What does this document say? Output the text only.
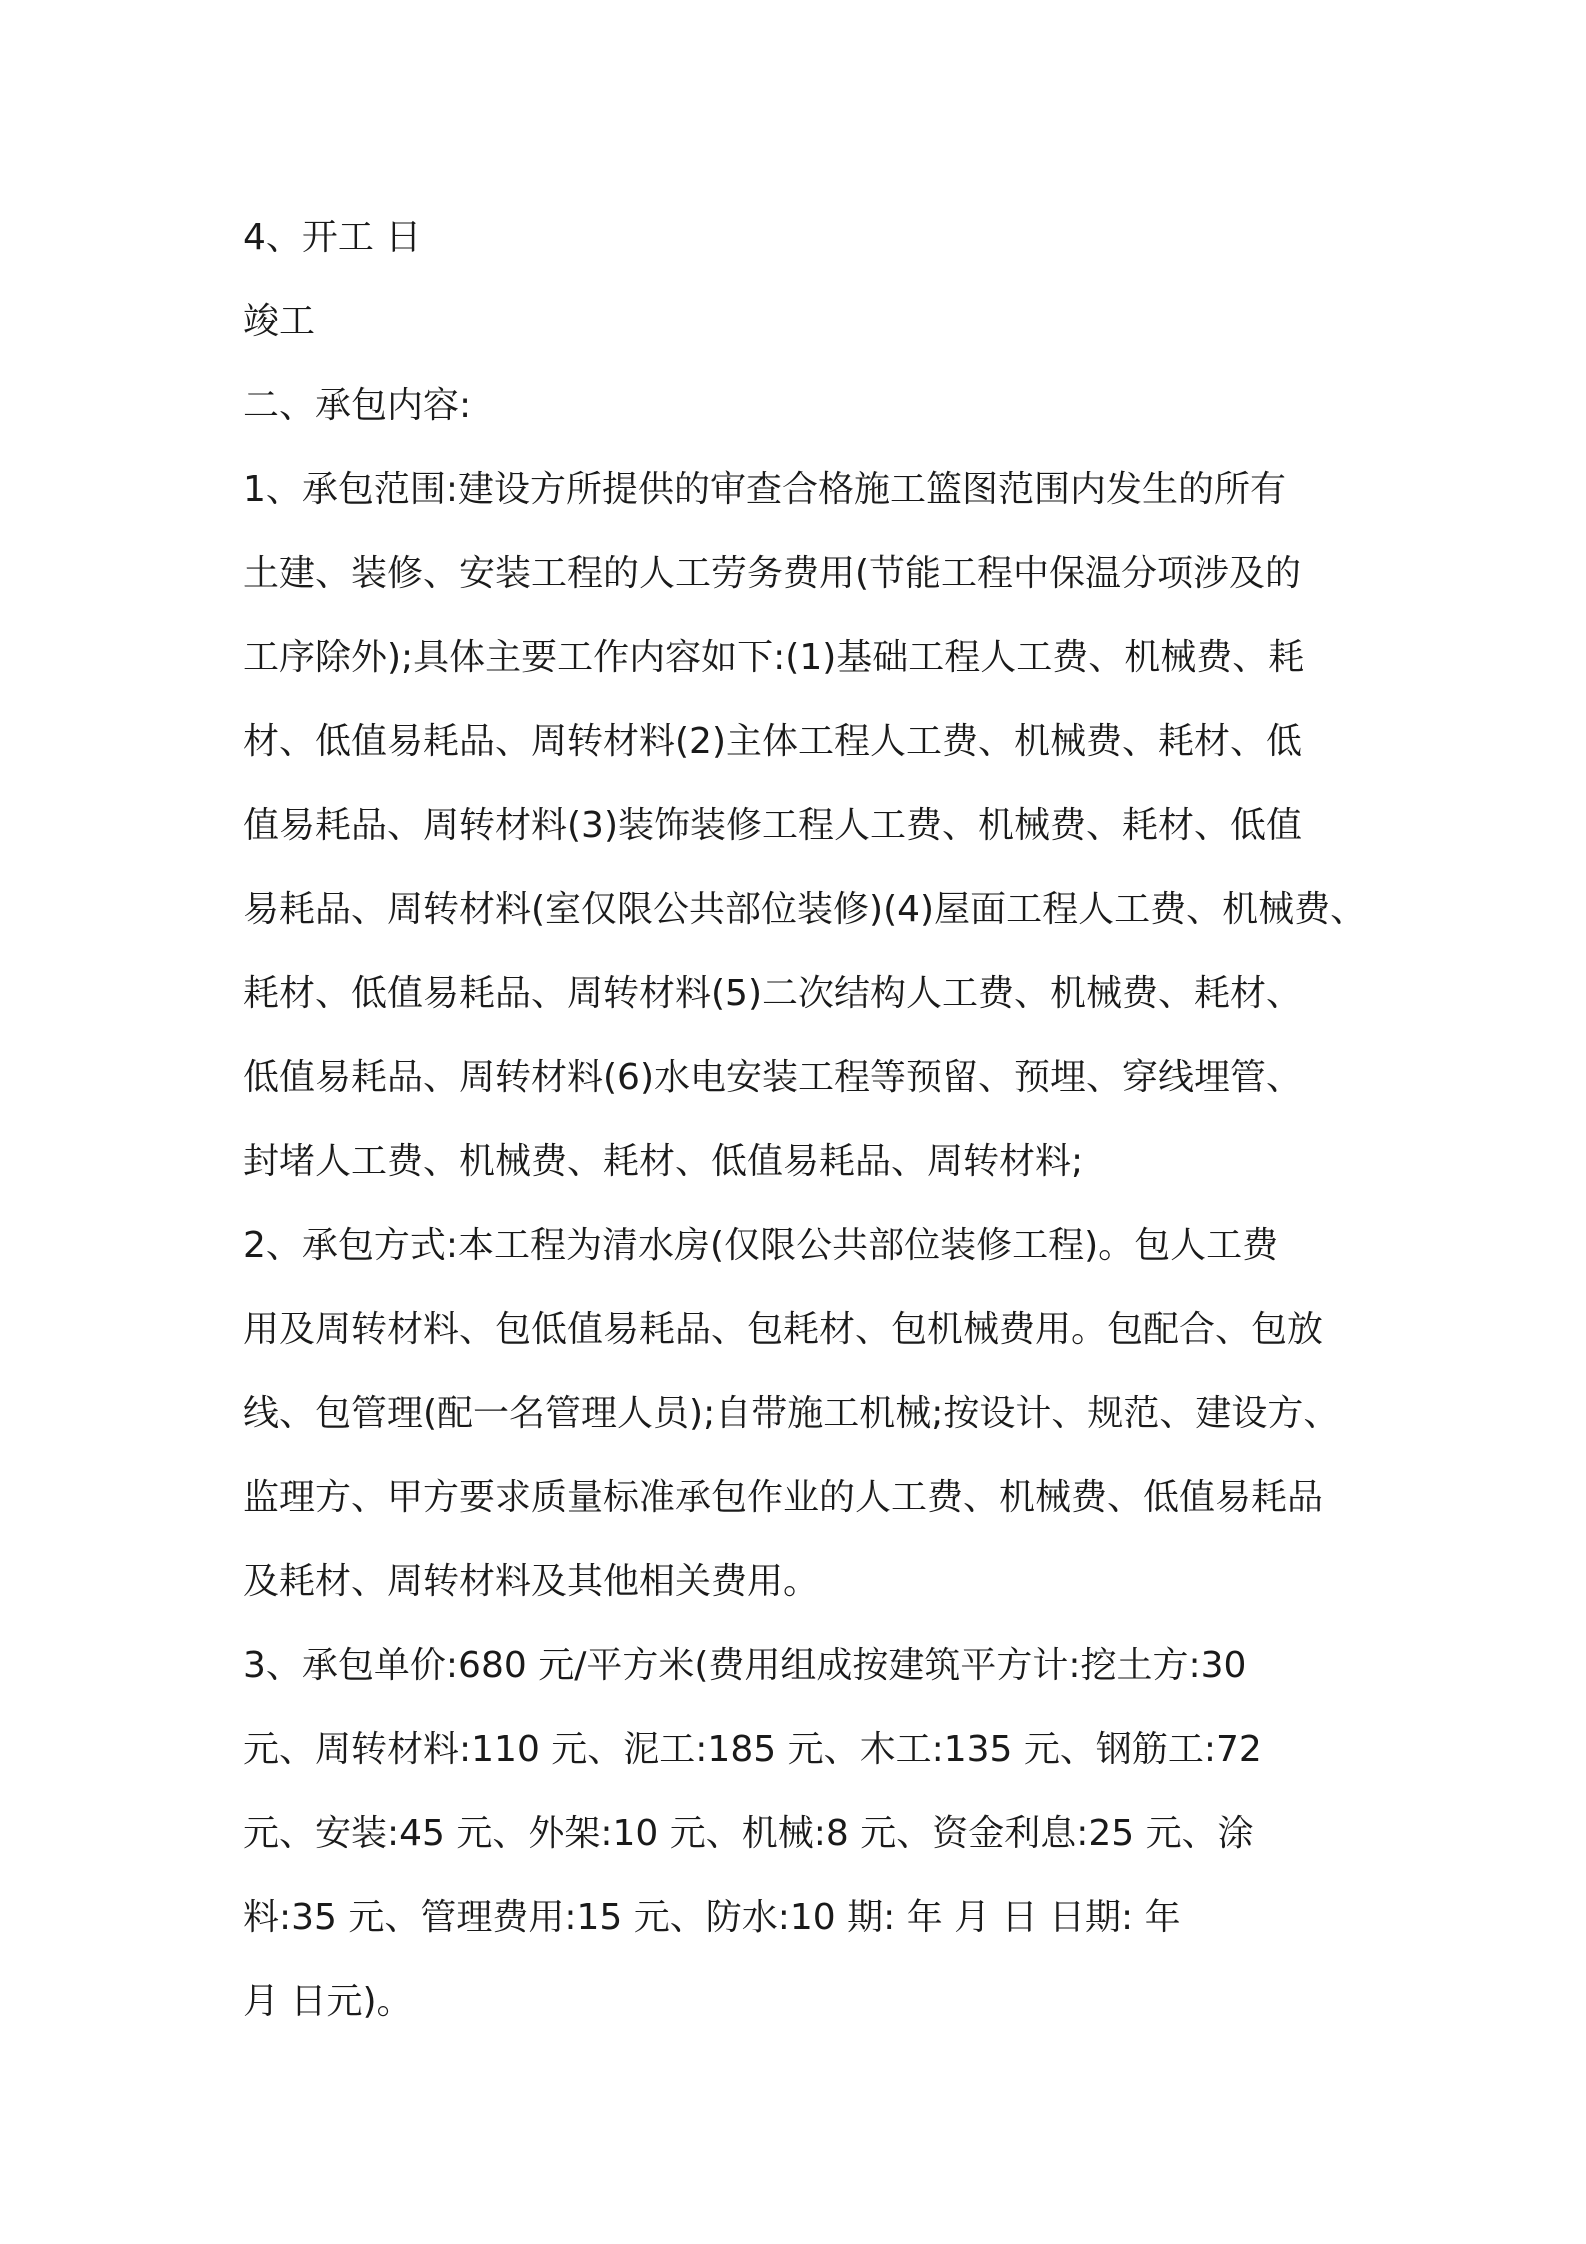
4、开工 日
竣工
二、承包内容:
1、承包范围:建设方所提供的审查合格施工篮图范围内发生的所有
土建、装修、安装工程的人工劳务费用(节能工程中保温分项涉及的
工序除外);具体主要工作内容如下:(1)基础工程人工费、机械费、耗
材、低值易耗品、周转材料(2)主体工程人工费、机械费、耗材、低
值易耗品、周转材料(3)装饰装修工程人工费、机械费、耗材、低值
易耗品、周转材料(室仅限公共部位装修)(4)屋面工程人工费、机械费、
耗材、低值易耗品、周转材料(5)二次结构人工费、机械费、耗材、
低值易耗品、周转材料(6)水电安装工程等预留、预埋、穿线埋管、
封堵人工费、机械费、耗材、低值易耗品、周转材料;
2、承包方式:本工程为清水房(仅限公共部位装修工程)。包人工费
用及周转材料、包低值易耗品、包耗材、包机械费用。包配合、包放
线、包管理(配一名管理人员);自带施工机械;按设计、规范、建设方、
监理方、甲方要求质量标准承包作业的人工费、机械费、低值易耗品
及耗材、周转材料及其他相关费用。
3、承包单价:680 元/平方米(费用组成按建筑平方计:挖土方:30
元、周转材料:110 元、泥工:185 元、木工:135 元、钢筋工:72
元、安装:45 元、外架:10 元、机械:8 元、资金利息:25 元、涂
料:35 元、管理费用:15 元、防水:10 期: 年 月 日 日期: 年
月 日元)。
